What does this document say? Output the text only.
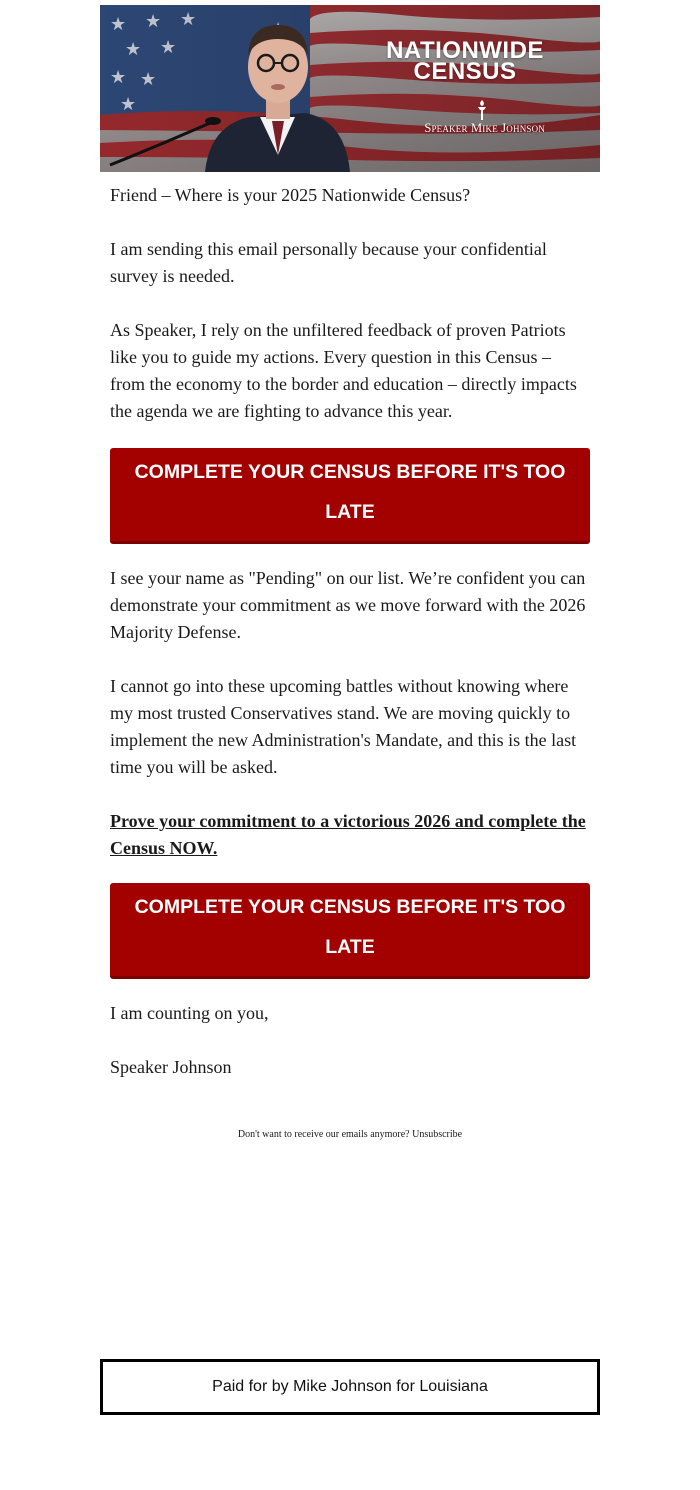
NATIONWIDE
CENSUS
Speaker Mike Johnson

Friend – Where is your 2025 Nationwide Census?

I am sending this email personally because your confidential survey is needed.

As Speaker, I rely on the unfiltered feedback of proven Patriots like you to guide my actions. Every question in this Census – from the economy to the border and education – directly impacts the agenda we are fighting to advance this year.

COMPLETE YOUR CENSUS BEFORE IT'S TOO LATE

I see your name as "Pending" on our list. We’re confident you can demonstrate your commitment as we move forward with the 2026 Majority Defense.

I cannot go into these upcoming battles without knowing where my most trusted Conservatives stand. We are moving quickly to implement the new Administration's Mandate, and this is the last time you will be asked.

Prove your commitment to a victorious 2026 and complete the Census NOW.

COMPLETE YOUR CENSUS BEFORE IT'S TOO LATE

I am counting on you,

Speaker Johnson

Don't want to receive our emails anymore? Unsubscribe
Paid for by Mike Johnson for Louisiana
